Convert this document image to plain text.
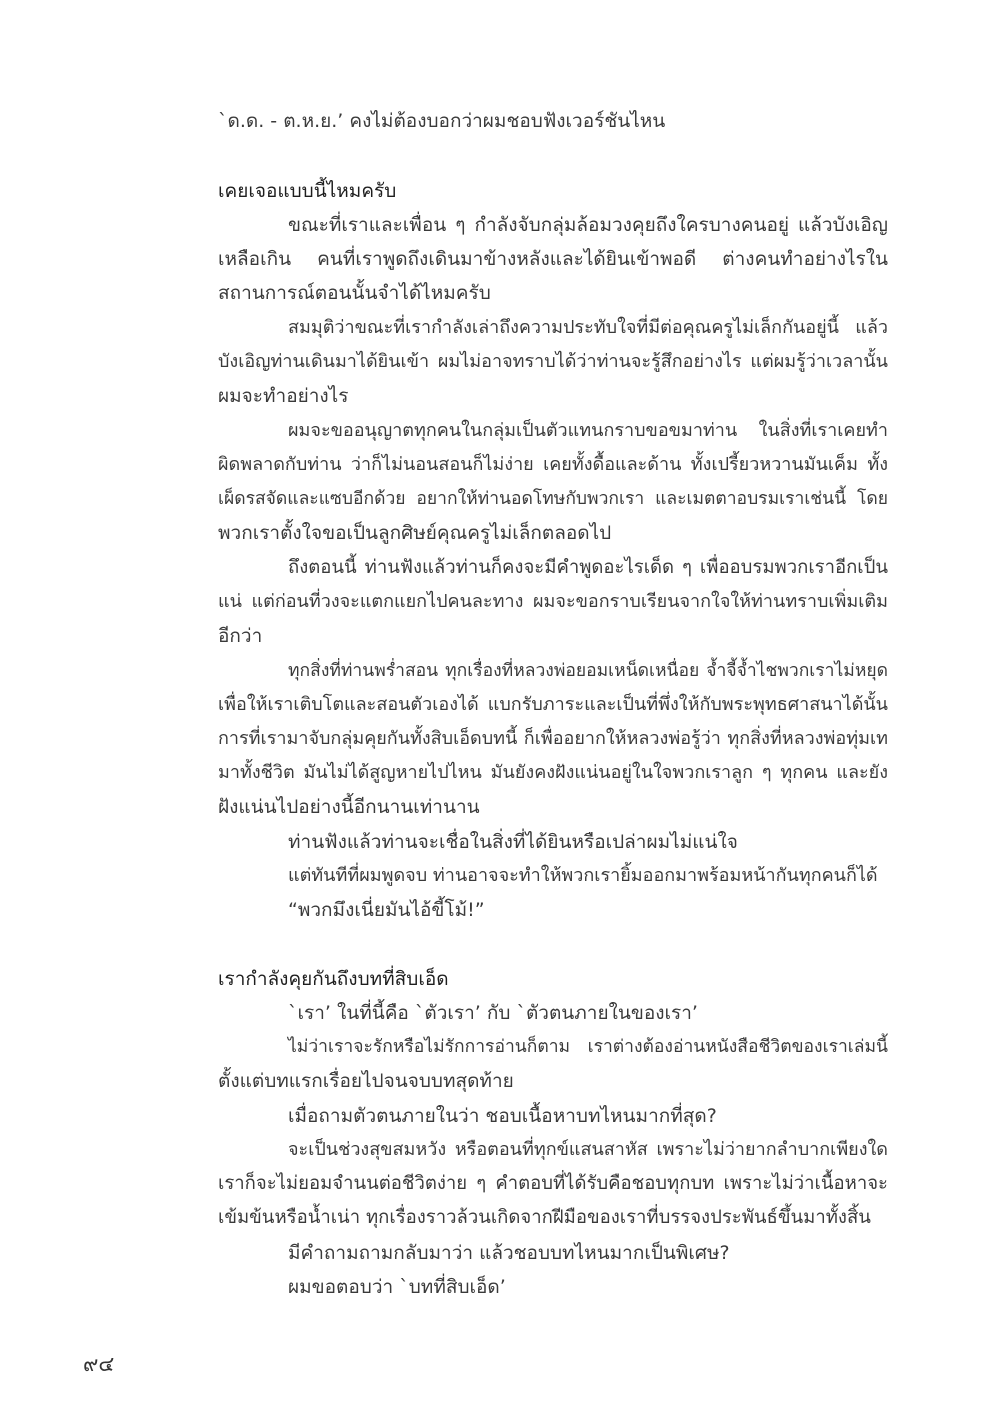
`ด.ด. - ต.ห.ย.’ คงไม่ต้องบอกว่าผมชอบฟังเวอร์ชันไหน
เคยเจอแบบนี้ไหมครับ
ขณะที่เราและเพื่อน ๆ กำลังจับกลุ่มล้อมวงคุยถึงใครบางคนอยู่ แล้วบังเอิญ
เหลือเกิน คนที่เราพูดถึงเดินมาข้างหลังและได้ยินเข้าพอดี ต่างคนทำอย่างไรใน
สถานการณ์ตอนนั้นจำได้ไหมครับ
สมมุติว่าขณะที่เรากำลังเล่าถึงความประทับใจที่มีต่อคุณครูไม่เล็กกันอยู่นี้ แล้ว
บังเอิญท่านเดินมาได้ยินเข้า ผมไม่อาจทราบได้ว่าท่านจะรู้สึกอย่างไร แต่ผมรู้ว่าเวลานั้น
ผมจะทำอย่างไร
ผมจะขออนุญาตทุกคนในกลุ่มเป็นตัวแทนกราบขอขมาท่าน ในสิ่งที่เราเคยทำ
ผิดพลาดกับท่าน ว่าก็ไม่นอนสอนก็ไม่ง่าย เคยทั้งดื้อและด้าน ทั้งเปรี้ยวหวานมันเค็ม ทั้ง
เผ็ดรสจัดและแซบอีกด้วย อยากให้ท่านอดโทษกับพวกเรา และเมตตาอบรมเราเช่นนี้ โดย
พวกเราตั้งใจขอเป็นลูกศิษย์คุณครูไม่เล็กตลอดไป
ถึงตอนนี้ ท่านฟังแล้วท่านก็คงจะมีคำพูดอะไรเด็ด ๆ เพื่ออบรมพวกเราอีกเป็น
แน่ แต่ก่อนที่วงจะแตกแยกไปคนละทาง ผมจะขอกราบเรียนจากใจให้ท่านทราบเพิ่มเติม
อีกว่า
ทุกสิ่งที่ท่านพร่ำสอน ทุกเรื่องที่หลวงพ่อยอมเหน็ดเหนื่อย จ้ำจี้จ้ำไชพวกเราไม่หยุด
เพื่อให้เราเติบโตและสอนตัวเองได้ แบกรับภาระและเป็นที่พึ่งให้กับพระพุทธศาสนาได้นั้น
การที่เรามาจับกลุ่มคุยกันทั้งสิบเอ็ดบทนี้ ก็เพื่ออยากให้หลวงพ่อรู้ว่า ทุกสิ่งที่หลวงพ่อทุ่มเท
มาทั้งชีวิต มันไม่ได้สูญหายไปไหน มันยังคงฝังแน่นอยู่ในใจพวกเราลูก ๆ ทุกคน และยัง
ฝังแน่นไปอย่างนี้อีกนานเท่านาน
ท่านฟังแล้วท่านจะเชื่อในสิ่งที่ได้ยินหรือเปล่าผมไม่แน่ใจ
แต่ทันทีที่ผมพูดจบ ท่านอาจจะทำให้พวกเรายิ้มออกมาพร้อมหน้ากันทุกคนก็ได้
“พวกมึงเนี่ยมันไอ้ขี้โม้!”
เรากำลังคุยกันถึงบทที่สิบเอ็ด
`เรา’ ในที่นี้คือ `ตัวเรา’ กับ `ตัวตนภายในของเรา’
ไม่ว่าเราจะรักหรือไม่รักการอ่านก็ตาม เราต่างต้องอ่านหนังสือชีวิตของเราเล่มนี้
ตั้งแต่บทแรกเรื่อยไปจนจบบทสุดท้าย
เมื่อถามตัวตนภายในว่า ชอบเนื้อหาบทไหนมากที่สุด?
จะเป็นช่วงสุขสมหวัง หรือตอนที่ทุกข์แสนสาหัส เพราะไม่ว่ายากลำบากเพียงใด
เราก็จะไม่ยอมจำนนต่อชีวิตง่าย ๆ คำตอบที่ได้รับคือชอบทุกบท เพราะไม่ว่าเนื้อหาจะ
เข้มข้นหรือน้ำเน่า ทุกเรื่องราวล้วนเกิดจากฝีมือของเราที่บรรจงประพันธ์ขึ้นมาทั้งสิ้น
มีคำถามถามกลับมาว่า แล้วชอบบทไหนมากเป็นพิเศษ?
ผมขอตอบว่า `บทที่สิบเอ็ด’
๙๔
